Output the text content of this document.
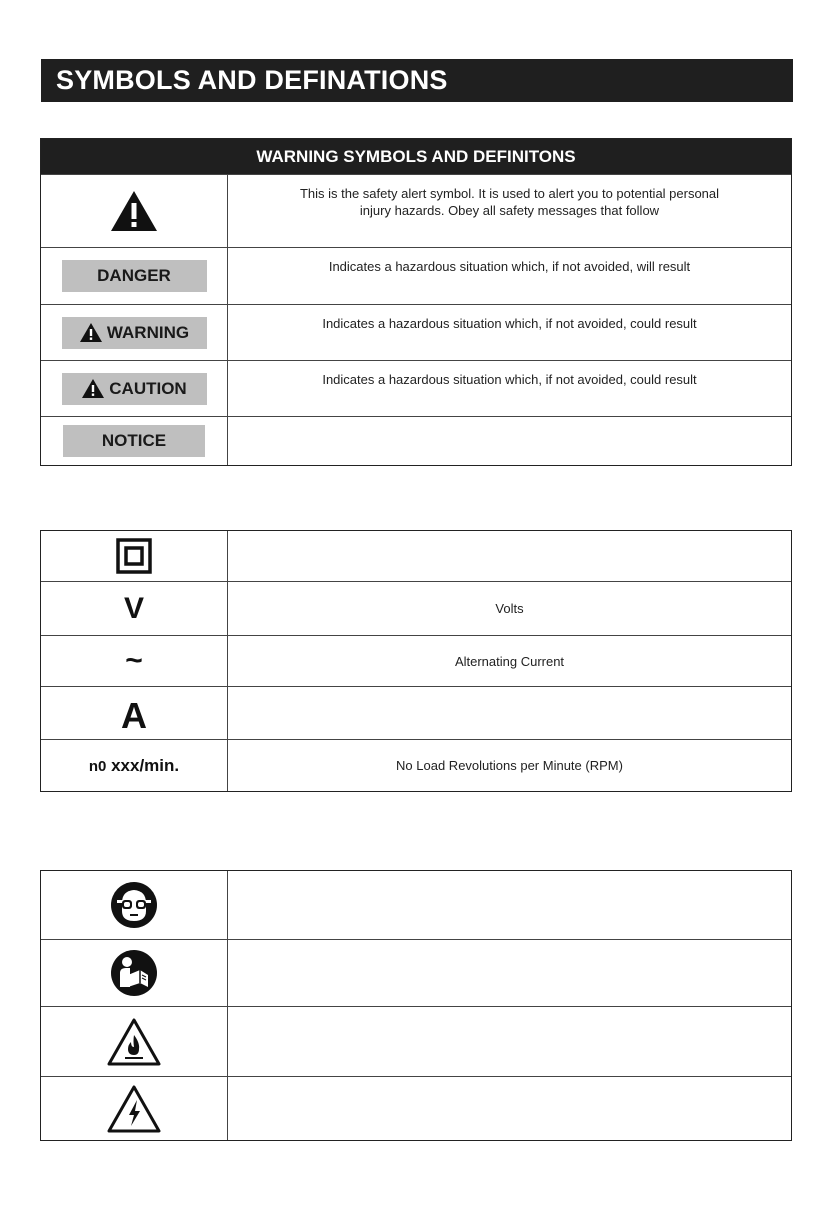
SYMBOLS AND DEFINATIONS
WARNING SYMBOLS AND DEFINITONS
This is the safety alert symbol. It is used to alert you to potential personal injury hazards. Obey all safety messages that follow
DANGER	Indicates a hazardous situation which, if not avoided, will result
WARNING	Indicates a hazardous situation which, if not avoided, could result
CAUTION	Indicates a hazardous situation which, if not avoided, could result
NOTICE
V	Volts
~	Alternating Current
A
n0 xxx/min.	No Load Revolutions per Minute (RPM)
